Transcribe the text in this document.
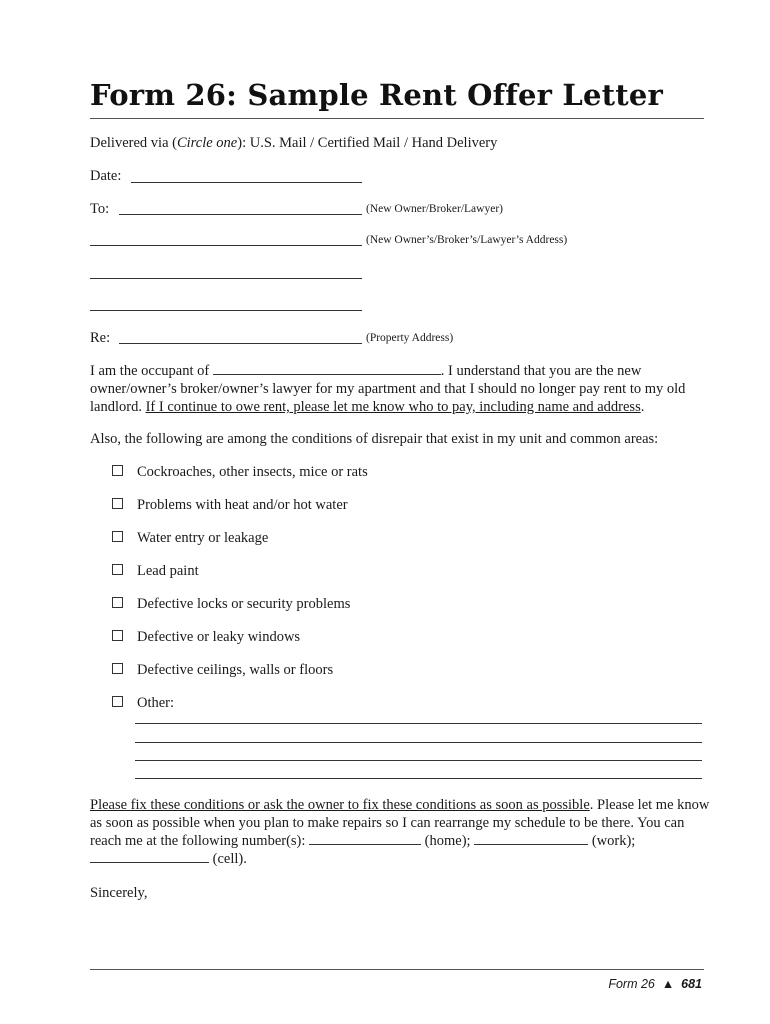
Form 26: Sample Rent Offer Letter
Delivered via (Circle one): U.S. Mail / Certified Mail / Hand Delivery
Date:
To:	(New Owner/Broker/Lawyer)
(New Owner’s/Broker’s/Lawyer’s Address)
Re:	(Property Address)
I am the occupant of	. I understand that you are the new owner/owner’s broker/owner’s lawyer for my apartment and that I should no longer pay rent to my old landlord. If I continue to owe rent, please let me know who to pay, including name and address.
Also, the following are among the conditions of disrepair that exist in my unit and common areas:
Cockroaches, other insects, mice or rats
Problems with heat and/or hot water
Water entry or leakage
Lead paint
Defective locks or security problems
Defective or leaky windows
Defective ceilings, walls or floors
Other:
Please fix these conditions or ask the owner to fix these conditions as soon as possible. Please let me know as soon as possible when you plan to make repairs so I can rearrange my schedule to be there. You can reach me at the following number(s):	(home);	(work);  (cell).
Sincerely,
Form 26 ▲ 681
